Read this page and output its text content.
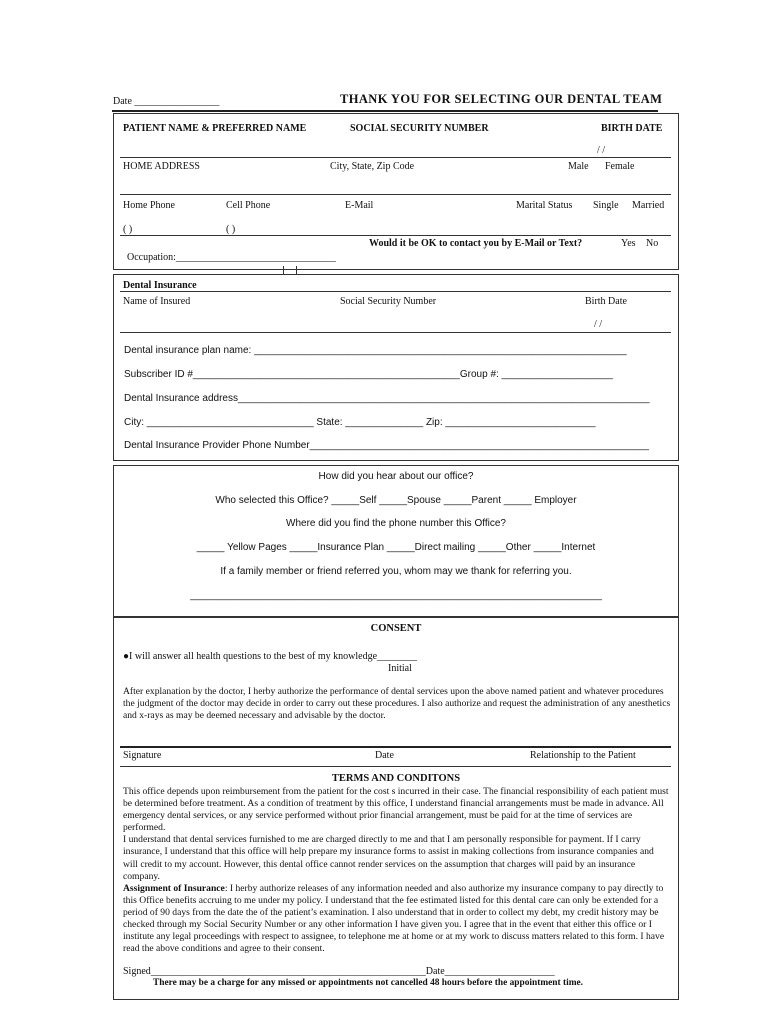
Date _________________	THANK YOU FOR SELECTING OUR DENTAL TEAM
PATIENT NAME & PREFERRED NAME	SOCIAL SECURITY NUMBER	BIRTH DATE
/ /
HOME ADDRESS	City, State, Zip Code	Male Female
Home Phone	Cell Phone	E-Mail	Marital Status Single Married
( )	( )
Would it be OK to contact you by E-Mail or Text?	Yes No
Occupation:________________________________
Dental Insurance
Name of Insured	Social Security Number	Birth Date
/ /
Dental insurance plan name: ___________________________________________________________________
Subscriber ID #________________________________________________Group #: ____________________
Dental Insurance address__________________________________________________________________________
City: ______________________________ State: ______________ Zip: ___________________________
Dental Insurance Provider Phone Number_____________________________________________________________
How did you hear about our office?
Who selected this Office? _____Self _____Spouse _____Parent _____ Employer
Where did you find the phone number this Office?
_____ Yellow Pages _____Insurance Plan _____Direct mailing _____Other _____Internet
If a family member or friend referred you, whom may we thank for referring you.
__________________________________________________________________________
CONSENT
●I will answer all health questions to the best of my knowledge________
Initial
After explanation by the doctor, I herby authorize the performance of dental services upon the above named patient and whatever procedures the judgment of the doctor may decide in order to carry out these procedures. I also authorize and request the administration of any anesthetics and x-rays as may be deemed necessary and advisable by the doctor.
Signature	Date	Relationship to the Patient
TERMS AND CONDITONS
This office depends upon reimbursement from the patient for the cost s incurred in their case. The financial responsibility of each patient must be determined before treatment. As a condition of treatment by this office, I understand financial arrangements must be made in advance. All emergency dental services, or any service performed without prior financial arrangement, must be paid for at the time of services are performed.
I understand that dental services furnished to me are charged directly to me and that I am personally responsible for payment. If I carry insurance, I understand that this office will help prepare my insurance forms to assist in making collections from insurance companies and will credit to my account. However, this dental office cannot render services on the assumption that charges will paid by an insurance company.
Assignment of Insurance: I herby authorize releases of any information needed and also authorize my insurance company to pay directly to this Office benefits accruing to me under my policy. I understand that the fee estimated listed for this dental care can only be extended for a period of 90 days from the date the of the patient’s examination. I also understand that in order to collect my debt, my credit history may be checked through my Social Security Number or any other information I have given you. I agree that in the event that either this office or I institute any legal proceedings with respect to assignee, to telephone me at home or at my work to discuss matters related to this form. I have read the above conditions and agree to their consent.
Signed_______________________________________________________Date______________________
There may be a charge for any missed or appointments not cancelled 48 hours before the appointment time.
